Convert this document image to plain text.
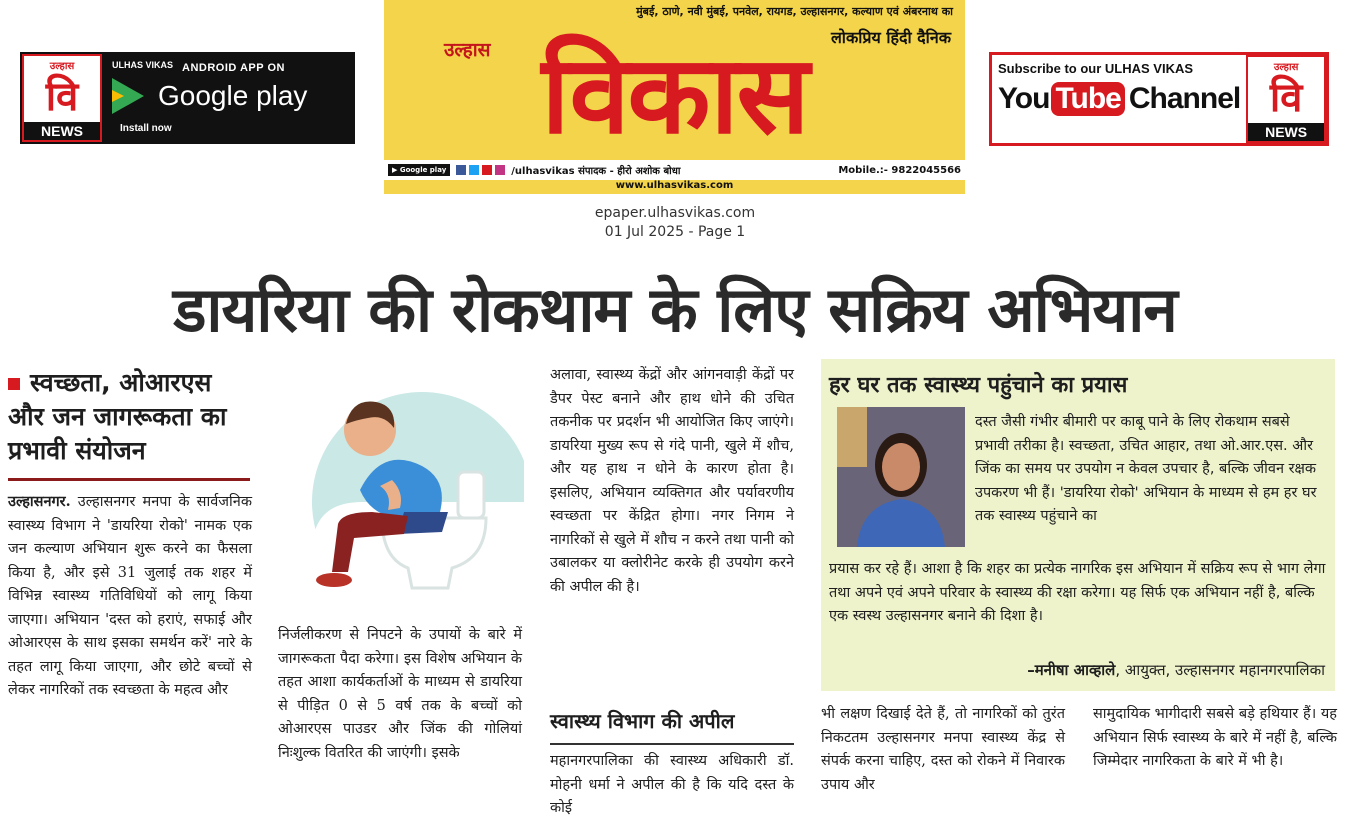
उल्हास
वि
NEWS
ULHAS VIKAS ANDROID APP ON
Google play
Install now
मुंबई, ठाणे, नवी मुंबई, पनवेल, रायगड, उल्हासनगर, कल्याण एवं अंबरनाथ का
लोकप्रिय हिंदी दैनिक
विकास
उल्हास
▶ Google play	/ulhasvikas संपादक - हीरो अशोक बोधा	Mobile.:- 9822045566
www.ulhasvikas.com
Subscribe to our ULHAS VIKAS
You Tube Channel
उल्हास
वि
NEWS
epaper.ulhasvikas.com
01 Jul 2025 - Page 1
डायरिया की रोकथाम के लिए सक्रिय अभियान
स्वच्छता, ओआरएस और जन जागरूकता का प्रभावी संयोजन

उल्हासनगर. उल्हासनगर मनपा के सार्वजनिक स्वास्थ्य विभाग ने 'डायरिया रोको' नामक एक जन कल्याण अभियान शुरू करने का फैसला किया है, और इसे 31 जुलाई तक शहर में विभिन्न स्वास्थ्य गतिविधियों को लागू किया जाएगा। अभियान 'दस्त को हराएं, सफाई और ओआरएस के साथ इसका समर्थन करें' नारे के तहत लागू किया जाएगा, और छोटे बच्चों से लेकर नागरिकों तक स्वच्छता के महत्व और

निर्जलीकरण से निपटने के उपायों के बारे में जागरूकता पैदा करेगा। इस विशेष अभियान के तहत आशा कार्यकर्ताओं के माध्यम से डायरिया से पीड़ित 0 से 5 वर्ष तक के बच्चों को ओआरएस पाउडर और जिंक की गोलियां निःशुल्क वितरित की जाएंगी। इसके

अलावा, स्वास्थ्य केंद्रों और आंगनवाड़ी केंद्रों पर डैपर पेस्ट बनाने और हाथ धोने की उचित तकनीक पर प्रदर्शन भी आयोजित किए जाएंगे। डायरिया मुख्य रूप से गंदे पानी, खुले में शौच, और यह हाथ न धोने के कारण होता है। इसलिए, अभियान व्यक्तिगत और पर्यावरणीय स्वच्छता पर केंद्रित होगा। नगर निगम ने नागरिकों से खुले में शौच न करने तथा पानी को उबालकर या क्लोरीनेट करके ही उपयोग करने की अपील की है।

स्वास्थ्य विभाग की अपील

महानगरपालिका की स्वास्थ्य अधिकारी डॉ. मोहनी धर्मा ने अपील की है कि यदि दस्त के कोई

हर घर तक स्वास्थ्य पहुंचाने का प्रयास
दस्त जैसी गंभीर बीमारी पर काबू पाने के लिए रोकथाम सबसे प्रभावी तरीका है। स्वच्छता, उचित आहार, तथा ओ.आर.एस. और जिंक का समय पर उपयोग न केवल उपचार है, बल्कि जीवन रक्षक उपकरण भी हैं। 'डायरिया रोको' अभियान के माध्यम से हम हर घर तक स्वास्थ्य पहुंचाने का
प्रयास कर रहे हैं। आशा है कि शहर का प्रत्येक नागरिक इस अभियान में सक्रिय रूप से भाग लेगा तथा अपने एवं अपने परिवार के स्वास्थ्य की रक्षा करेगा। यह सिर्फ एक अभियान नहीं है, बल्कि एक स्वस्थ उल्हासनगर बनाने की दिशा है।
–मनीषा आव्हाले, आयुक्त, उल्हासनगर महानगरपालिका

भी लक्षण दिखाई देते हैं, तो नागरिकों को तुरंत निकटतम उल्हासनगर मनपा स्वास्थ्य केंद्र से संपर्क करना चाहिए, दस्त को रोकने में निवारक उपाय और

सामुदायिक भागीदारी सबसे बड़े हथियार हैं। यह अभियान सिर्फ स्वास्थ्य के बारे में नहीं है, बल्कि जिम्मेदार नागरिकता के बारे में भी है।
